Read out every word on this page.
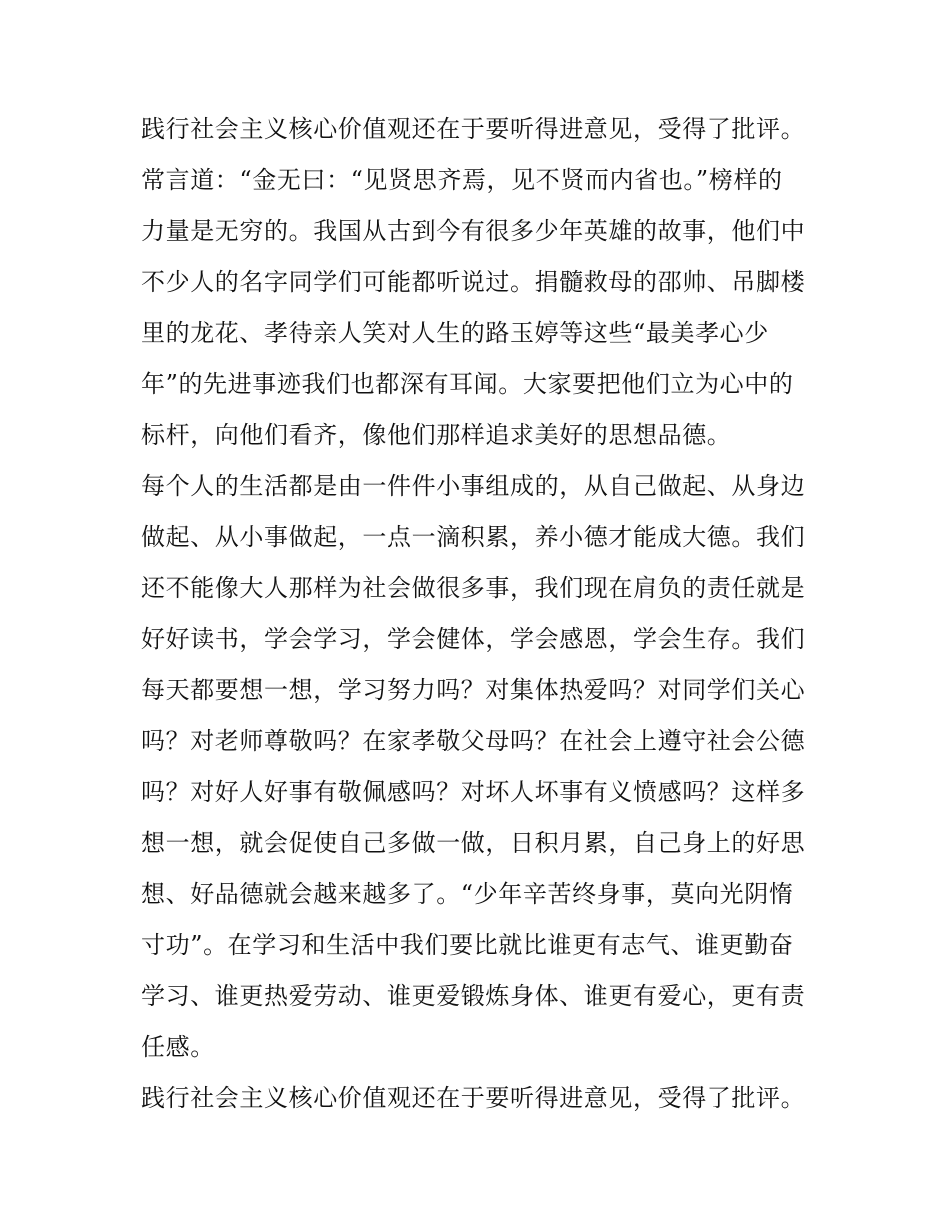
践行社会主义核心价值观还在于要听得进意见，受得了批评。
常言道：“金无曰：“见贤思齐焉，见不贤而内省也。”榜样的
力量是无穷的。我国从古到今有很多少年英雄的故事，他们中
不少人的名字同学们可能都听说过。捐髓救母的邵帅、吊脚楼
里的龙花、孝待亲人笑对人生的路玉婷等这些“最美孝心少
年”的先进事迹我们也都深有耳闻。大家要把他们立为心中的
标杆，向他们看齐，像他们那样追求美好的思想品德。
每个人的生活都是由一件件小事组成的，从自己做起、从身边
做起、从小事做起，一点一滴积累，养小德才能成大德。我们
还不能像大人那样为社会做很多事，我们现在肩负的责任就是
好好读书，学会学习，学会健体，学会感恩，学会生存。我们
每天都要想一想，学习努力吗？对集体热爱吗？对同学们关心
吗？对老师尊敬吗？在家孝敬父母吗？在社会上遵守社会公德
吗？对好人好事有敬佩感吗？对坏人坏事有义愤感吗？这样多
想一想，就会促使自己多做一做，日积月累，自己身上的好思
想、好品德就会越来越多了。“少年辛苦终身事，莫向光阴惰
寸功”。在学习和生活中我们要比就比谁更有志气、谁更勤奋
学习、谁更热爱劳动、谁更爱锻炼身体、谁更有爱心，更有责
任感。
践行社会主义核心价值观还在于要听得进意见，受得了批评。
